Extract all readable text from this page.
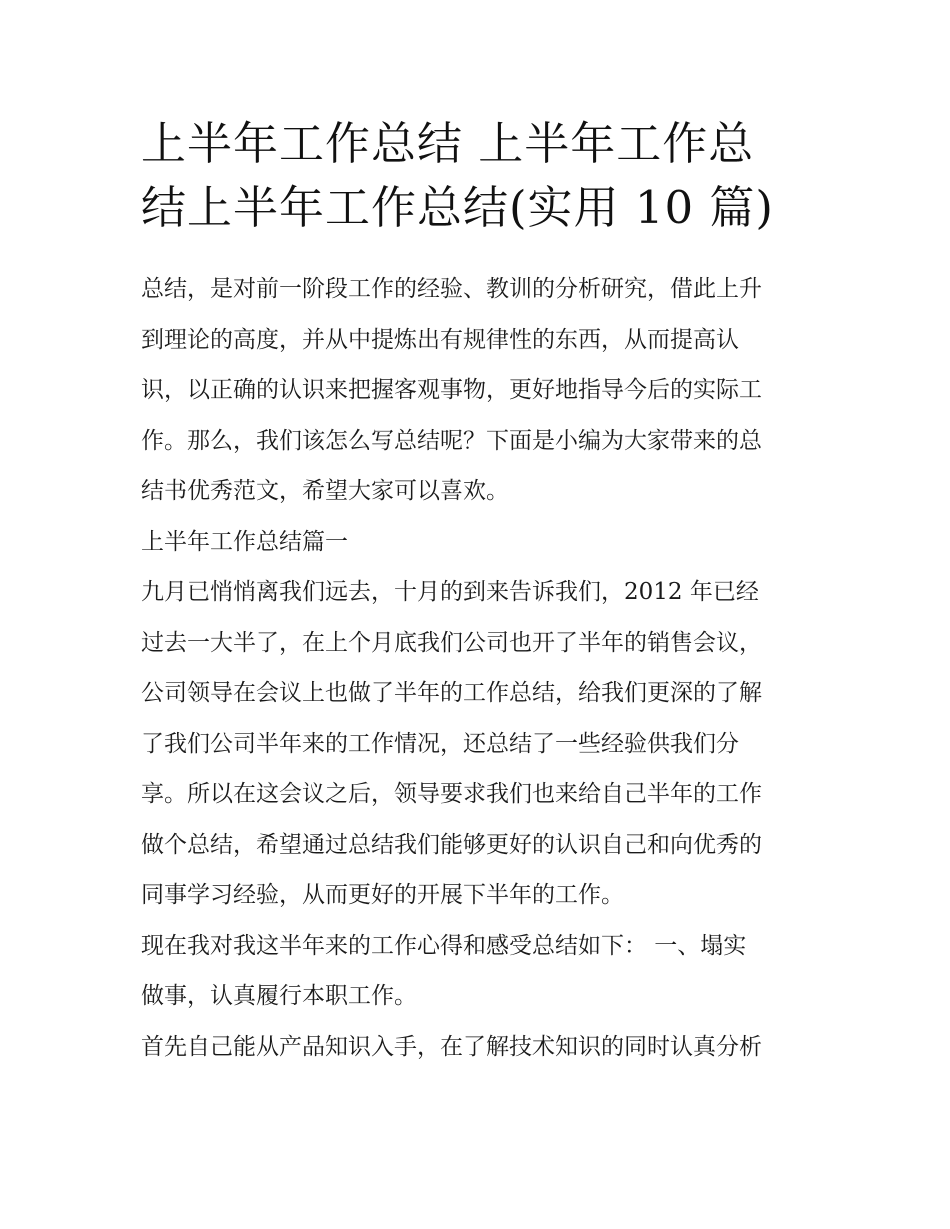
上半年工作总结 上半年工作总
结上半年工作总结(实用 10 篇)
总结，是对前一阶段工作的经验、教训的分析研究，借此上升
到理论的高度，并从中提炼出有规律性的东西，从而提高认
识，以正确的认识来把握客观事物，更好地指导今后的实际工
作。那么，我们该怎么写总结呢？下面是小编为大家带来的总
结书优秀范文，希望大家可以喜欢。
上半年工作总结篇一
九月已悄悄离我们远去，十月的到来告诉我们，2012 年已经
过去一大半了，在上个月底我们公司也开了半年的销售会议，
公司领导在会议上也做了半年的工作总结，给我们更深的了解
了我们公司半年来的工作情况，还总结了一些经验供我们分
享。所以在这会议之后，领导要求我们也来给自己半年的工作
做个总结，希望通过总结我们能够更好的认识自己和向优秀的
同事学习经验，从而更好的开展下半年的工作。
现在我对我这半年来的工作心得和感受总结如下： 一、塌实
做事，认真履行本职工作。
首先自己能从产品知识入手，在了解技术知识的同时认真分析
